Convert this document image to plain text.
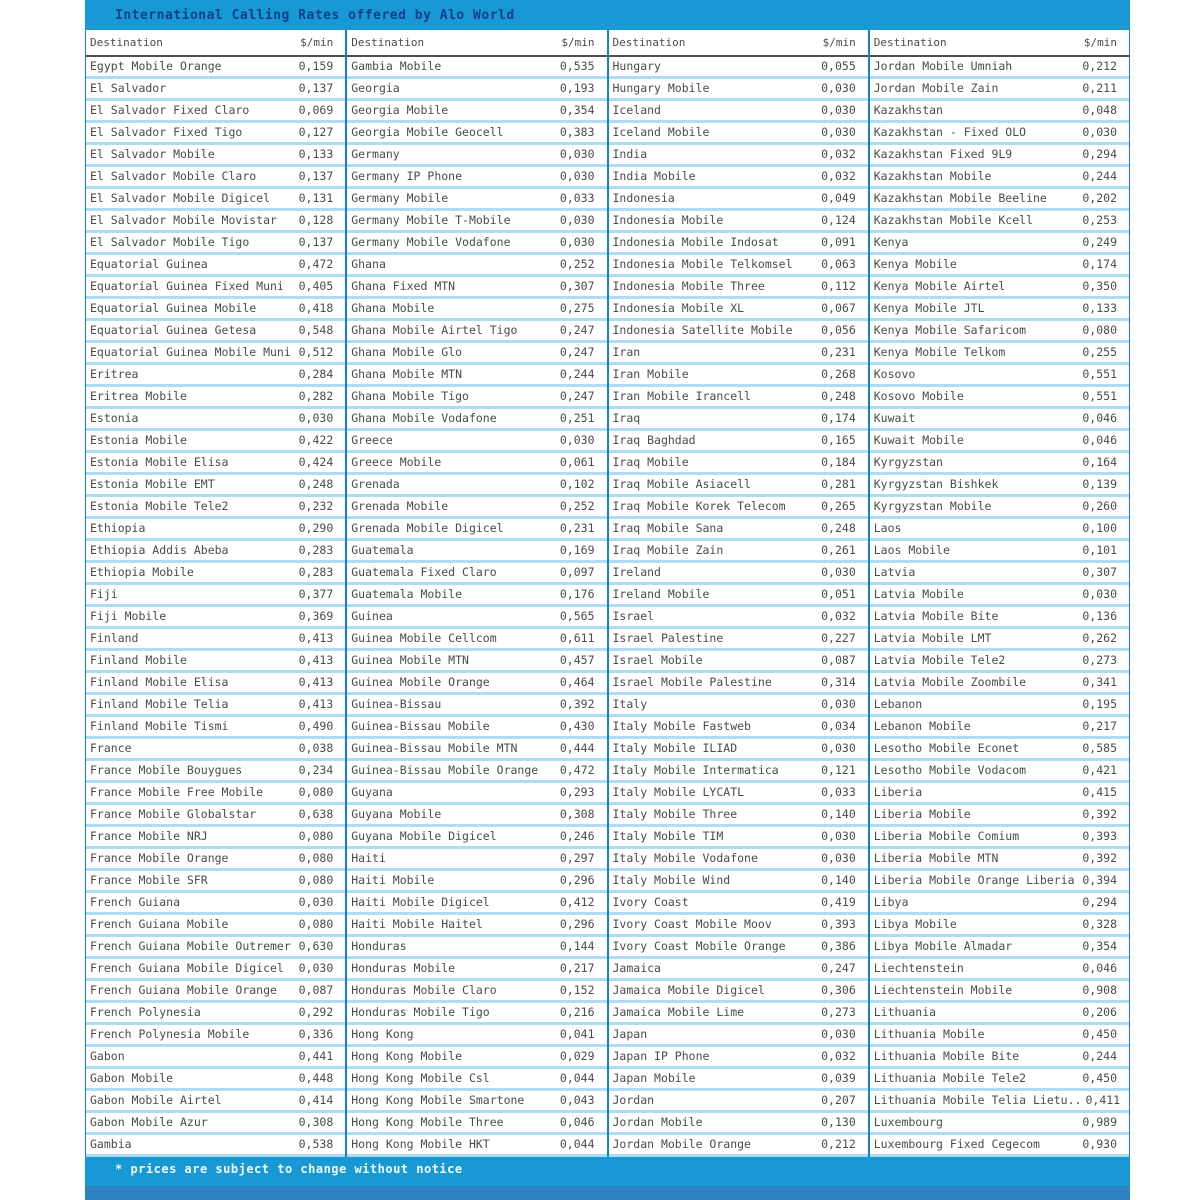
International Calling Rates offered by Alo World
Destination	$/min Destination	$/min Destination	$/min Destination	$/min
Egypt Mobile Orange	0,159
El Salvador	0,137
El Salvador Fixed Claro	0,069
El Salvador Fixed Tigo	0,127
El Salvador Mobile	0,133
El Salvador Mobile Claro	0,137
El Salvador Mobile Digicel 0,131
El Salvador Mobile Movistar 0,128
El Salvador Mobile Tigo	0,137
Equatorial Guinea	0,472
Equatorial Guinea Fixed Muni 0,405
Equatorial Guinea Mobile	0,418
Equatorial Guinea Getesa	0,548
Equatorial Guinea Mobile Muni 0,512
Eritrea	0,284
Eritrea Mobile	0,282
Estonia	0,030
Estonia Mobile	0,422
Estonia Mobile Elisa	0,424
Estonia Mobile EMT	0,248
Estonia Mobile Tele2	0,232
Ethiopia	0,290
Ethiopia Addis Abeba	0,283
Ethiopia Mobile	0,283
Fiji	0,377
Fiji Mobile	0,369
Finland	0,413
Finland Mobile	0,413
Finland Mobile Elisa	0,413
Finland Mobile Telia	0,413
Finland Mobile Tismi	0,490
France	0,038
France Mobile Bouygues	0,234
France Mobile Free Mobile	0,080
France Mobile Globalstar	0,638
France Mobile NRJ	0,080
France Mobile Orange	0,080
France Mobile SFR	0,080
French Guiana	0,030
French Guiana Mobile	0,080
French Guiana Mobile Outremer 0,630
French Guiana Mobile Digicel 0,030
French Guiana Mobile Orange 0,087
French Polynesia	0,292
French Polynesia Mobile	0,336
Gabon	0,441
Gabon Mobile	0,448
Gabon Mobile Airtel	0,414
Gabon Mobile Azur	0,308
Gambia	0,538
Gambia Mobile	0,535
Georgia	0,193
Georgia Mobile	0,354
Georgia Mobile Geocell	0,383
Germany	0,030
Germany IP Phone	0,030
Germany Mobile	0,033
Germany Mobile T-Mobile	0,030
Germany Mobile Vodafone	0,030
Ghana	0,252
Ghana Fixed MTN	0,307
Ghana Mobile	0,275
Ghana Mobile Airtel Tigo	0,247
Ghana Mobile Glo	0,247
Ghana Mobile MTN	0,244
Ghana Mobile Tigo	0,247
Ghana Mobile Vodafone	0,251
Greece	0,030
Greece Mobile	0,061
Grenada	0,102
Grenada Mobile	0,252
Grenada Mobile Digicel	0,231
Guatemala	0,169
Guatemala Fixed Claro	0,097
Guatemala Mobile	0,176
Guinea	0,565
Guinea Mobile Cellcom	0,611
Guinea Mobile MTN	0,457
Guinea Mobile Orange	0,464
Guinea-Bissau	0,392
Guinea-Bissau Mobile	0,430
Guinea-Bissau Mobile MTN	0,444
Guinea-Bissau Mobile Orange 0,472
Guyana	0,293
Guyana Mobile	0,308
Guyana Mobile Digicel	0,246
Haiti	0,297
Haiti Mobile	0,296
Haiti Mobile Digicel	0,412
Haiti Mobile Haitel	0,296
Honduras	0,144
Honduras Mobile	0,217
Honduras Mobile Claro	0,152
Honduras Mobile Tigo	0,216
Hong Kong	0,041
Hong Kong Mobile	0,029
Hong Kong Mobile Csl	0,044
Hong Kong Mobile Smartone	0,043
Hong Kong Mobile Three	0,046
Hong Kong Mobile HKT	0,044
Hungary	0,055
Hungary Mobile	0,030
Iceland	0,030
Iceland Mobile	0,030
India	0,032
India Mobile	0,032
Indonesia	0,049
Indonesia Mobile	0,124
Indonesia Mobile Indosat	0,091
Indonesia Mobile Telkomsel 0,063
Indonesia Mobile Three	0,112
Indonesia Mobile XL	0,067
Indonesia Satellite Mobile 0,056
Iran	0,231
Iran Mobile	0,268
Iran Mobile Irancell	0,248
Iraq	0,174
Iraq Baghdad	0,165
Iraq Mobile	0,184
Iraq Mobile Asiacell	0,281
Iraq Mobile Korek Telecom	0,265
Iraq Mobile Sana	0,248
Iraq Mobile Zain	0,261
Ireland	0,030
Ireland Mobile	0,051
Israel	0,032
Israel Palestine	0,227
Israel Mobile	0,087
Israel Mobile Palestine	0,314
Italy	0,030
Italy Mobile Fastweb	0,034
Italy Mobile ILIAD	0,030
Italy Mobile Intermatica	0,121
Italy Mobile LYCATL	0,033
Italy Mobile Three	0,140
Italy Mobile TIM	0,030
Italy Mobile Vodafone	0,030
Italy Mobile Wind	0,140
Ivory Coast	0,419
Ivory Coast Mobile Moov	0,393
Ivory Coast Mobile Orange	0,386
Jamaica	0,247
Jamaica Mobile Digicel	0,306
Jamaica Mobile Lime	0,273
Japan	0,030
Japan IP Phone	0,032
Japan Mobile	0,039
Jordan	0,207
Jordan Mobile	0,130
Jordan Mobile Orange	0,212
Jordan Mobile Umniah	0,212
Jordan Mobile Zain	0,211
Kazakhstan	0,048
Kazakhstan - Fixed OLO	0,030
Kazakhstan Fixed 9L9	0,294
Kazakhstan Mobile	0,244
Kazakhstan Mobile Beeline	0,202
Kazakhstan Mobile Kcell	0,253
Kenya	0,249
Kenya Mobile	0,174
Kenya Mobile Airtel	0,350
Kenya Mobile JTL	0,133
Kenya Mobile Safaricom	0,080
Kenya Mobile Telkom	0,255
Kosovo	0,551
Kosovo Mobile	0,551
Kuwait	0,046
Kuwait Mobile	0,046
Kyrgyzstan	0,164
Kyrgyzstan Bishkek	0,139
Kyrgyzstan Mobile	0,260
Laos	0,100
Laos Mobile	0,101
Latvia	0,307
Latvia Mobile	0,030
Latvia Mobile Bite	0,136
Latvia Mobile LMT	0,262
Latvia Mobile Tele2	0,273
Latvia Mobile Zoombile	0,341
Lebanon	0,195
Lebanon Mobile	0,217
Lesotho Mobile Econet	0,585
Lesotho Mobile Vodacom	0,421
Liberia	0,415
Liberia Mobile	0,392
Liberia Mobile Comium	0,393
Liberia Mobile MTN	0,392
Liberia Mobile Orange Liberia 0,394
Libya	0,294
Libya Mobile	0,328
Libya Mobile Almadar	0,354
Liechtenstein	0,046
Liechtenstein Mobile	0,908
Lithuania	0,206
Lithuania Mobile	0,450
Lithuania Mobile Bite	0,244
Lithuania Mobile Tele2	0,450
Lithuania Mobile Telia Lietu.. 0,411
Luxembourg	0,989
Luxembourg Fixed Cegecom	0,930
* prices are subject to change without notice
